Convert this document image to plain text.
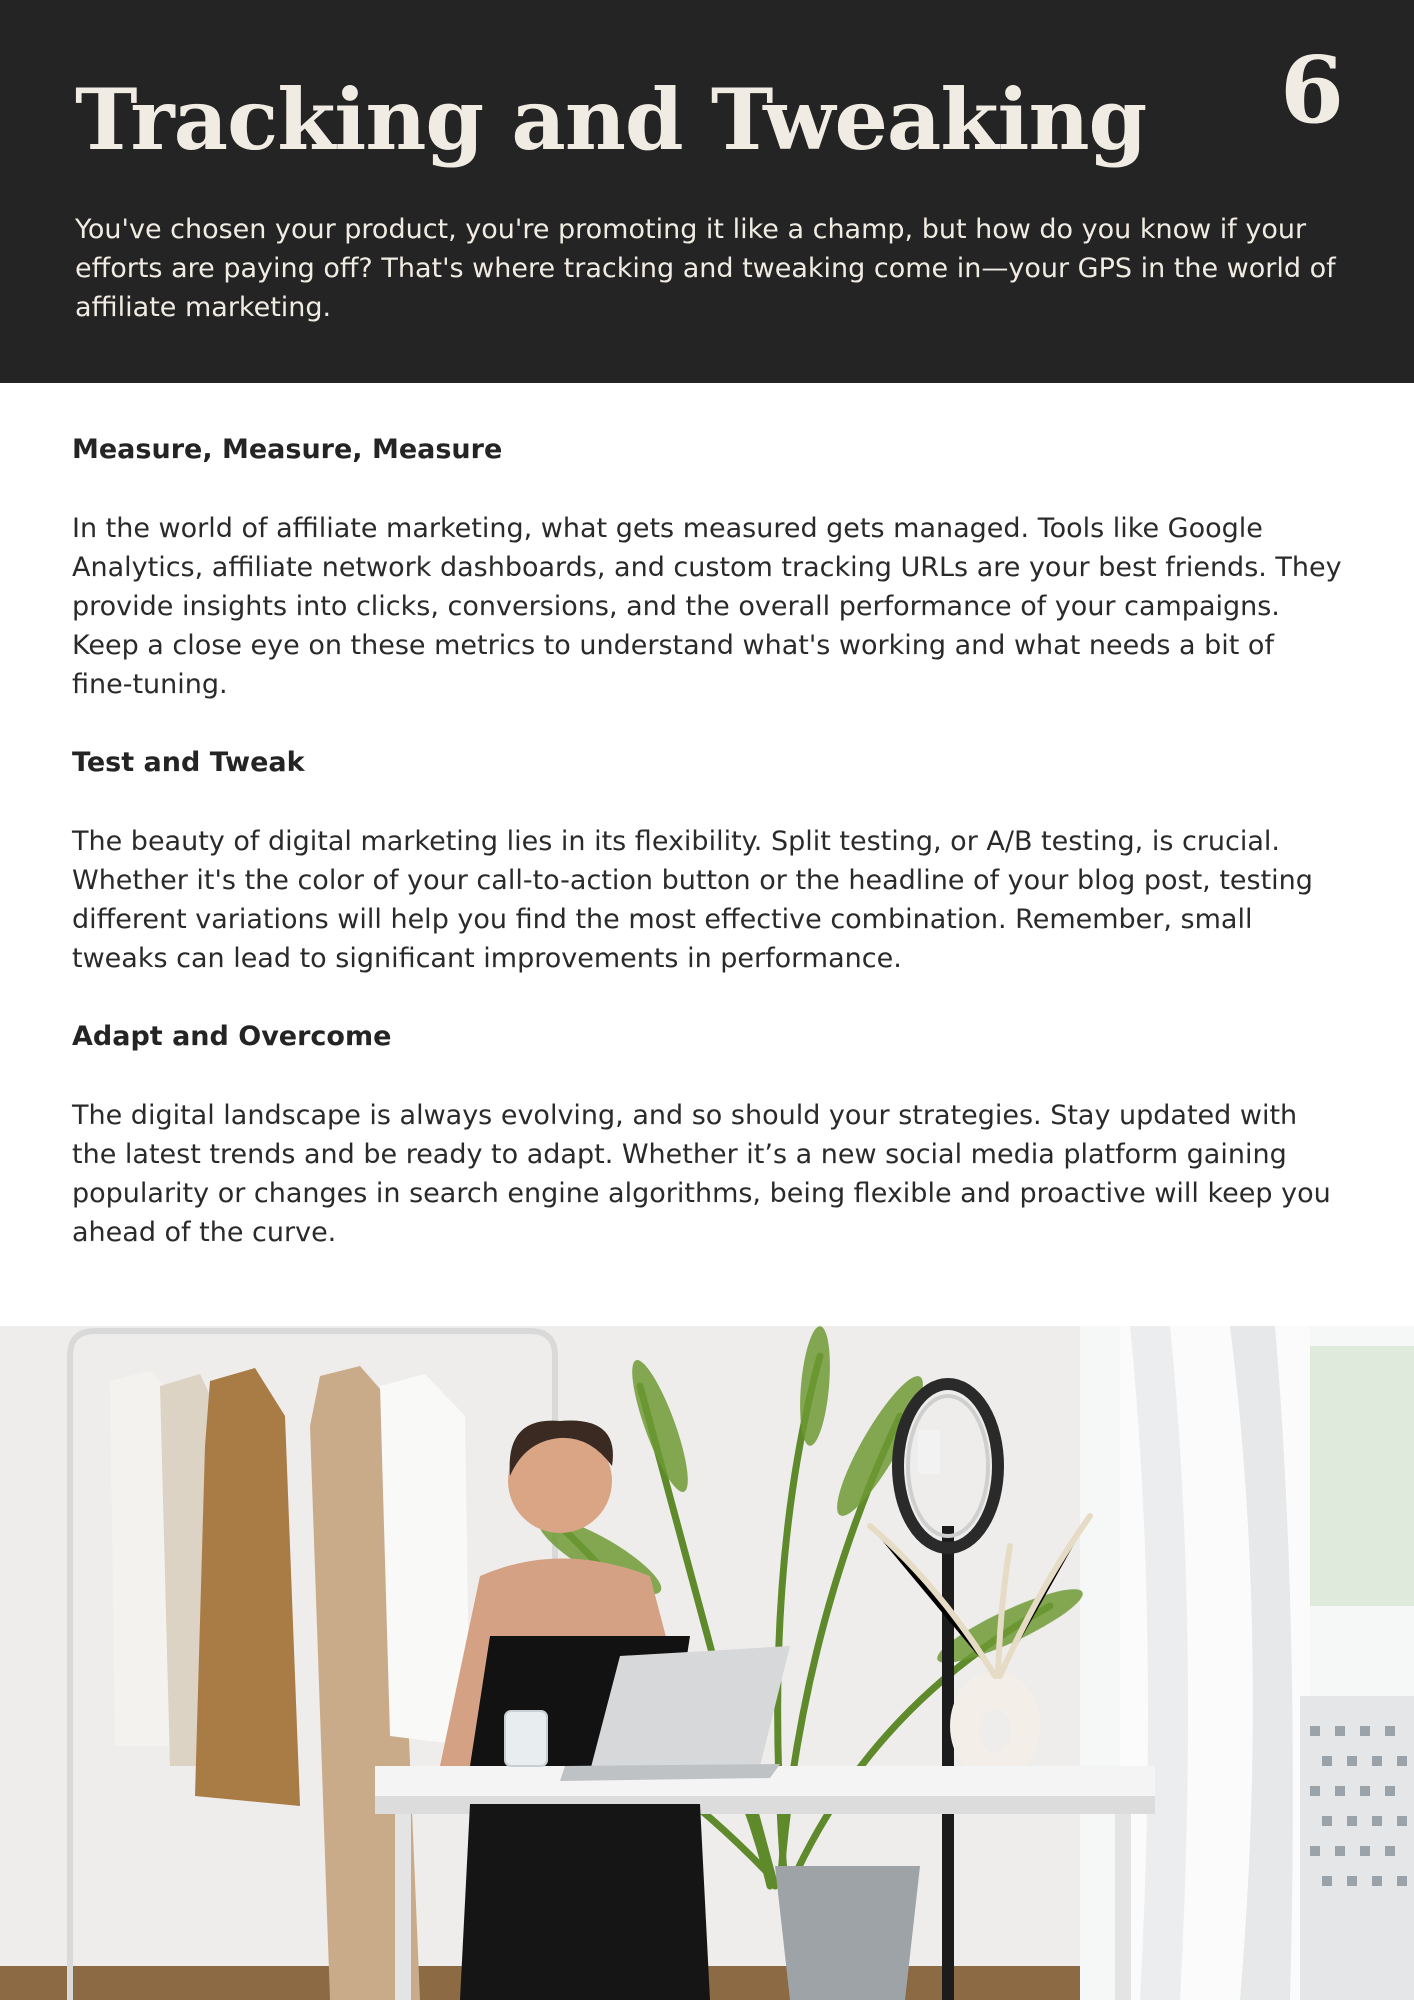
Tracking and Tweaking 6

You've chosen your product, you're promoting it like a champ, but how do you know if your efforts are paying off? That's where tracking and tweaking come in—your GPS in the world of affiliate marketing.

Measure, Measure, Measure

In the world of affiliate marketing, what gets measured gets managed. Tools like Google Analytics, affiliate network dashboards, and custom tracking URLs are your best friends. They provide insights into clicks, conversions, and the overall performance of your campaigns. Keep a close eye on these metrics to understand what's working and what needs a bit of fine-tuning.

Test and Tweak

The beauty of digital marketing lies in its flexibility. Split testing, or A/B testing, is crucial. Whether it's the color of your call-to-action button or the headline of your blog post, testing different variations will help you find the most effective combination. Remember, small tweaks can lead to significant improvements in performance.

Adapt and Overcome

The digital landscape is always evolving, and so should your strategies. Stay updated with the latest trends and be ready to adapt. Whether it’s a new social media platform gaining popularity or changes in search engine algorithms, being flexible and proactive will keep you ahead of the curve.
